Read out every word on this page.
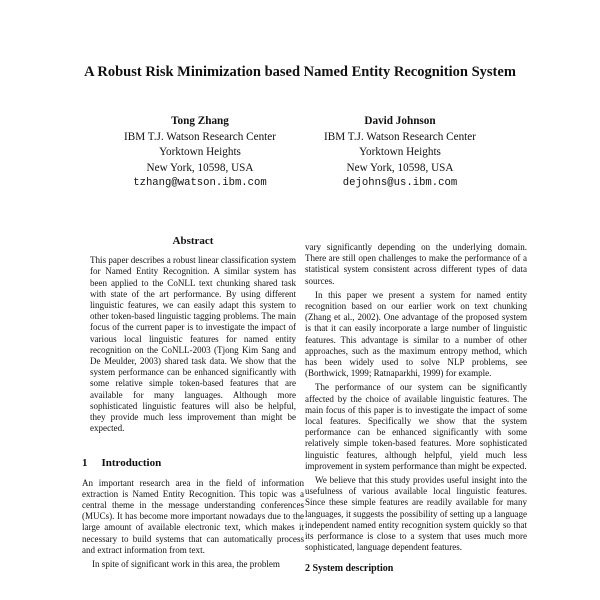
A Robust Risk Minimization based Named Entity Recognition System
Tong Zhang
IBM T.J. Watson Research Center
Yorktown Heights
New York, 10598, USA
tzhang@watson.ibm.com
David Johnson
IBM T.J. Watson Research Center
Yorktown Heights
New York, 10598, USA
dejohns@us.ibm.com
Abstract

This paper describes a robust linear classification system for Named Entity Recognition. A similar system has been applied to the CoNLL text chunking shared task with state of the art performance. By using different linguistic features, we can easily adapt this system to other token-based linguistic tagging problems. The main focus of the current paper is to investigate the impact of various local linguistic features for named entity recognition on the CoNLL-2003 (Tjong Kim Sang and De Meulder, 2003) shared task data. We show that the system performance can be enhanced significantly with some relative simple token-based features that are available for many languages. Although more sophisticated linguistic features will also be helpful, they provide much less improvement than might be expected.

1 Introduction

An important research area in the field of information extraction is Named Entity Recognition. This topic was a central theme in the message understanding conferences (MUCs). It has become more important nowadays due to the large amount of available electronic text, which makes it necessary to build systems that can automatically process and extract information from text.

In spite of significant work in this area, the problem

vary significantly depending on the underlying domain. There are still open challenges to make the performance of a statistical system consistent across different types of data sources.

In this paper we present a system for named entity recognition based on our earlier work on text chunking (Zhang et al., 2002). One advantage of the proposed system is that it can easily incorporate a large number of linguistic features. This advantage is similar to a number of other approaches, such as the maximum entropy method, which has been widely used to solve NLP problems, see (Borthwick, 1999; Ratnaparkhi, 1999) for example.

The performance of our system can be significantly affected by the choice of available linguistic features. The main focus of this paper is to investigate the impact of some local features. Specifically we show that the system performance can be enhanced significantly with some relatively simple token-based features. More sophisticated linguistic features, although helpful, yield much less improvement in system performance than might be expected.

We believe that this study provides useful insight into the usefulness of various available local linguistic features. Since these simple features are readily available for many languages, it suggests the possibility of setting up a language independent named entity recognition system quickly so that its performance is close to a system that uses much more sophisticated, language dependent features.

2 System description
